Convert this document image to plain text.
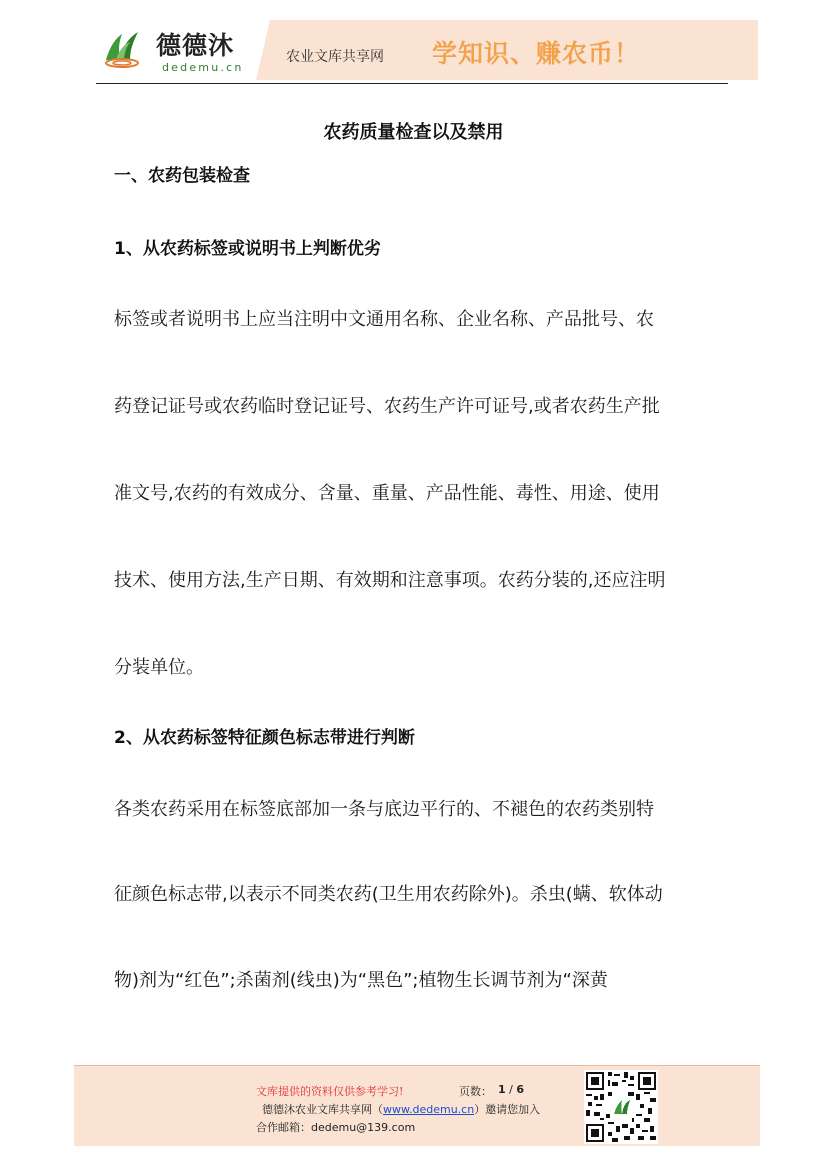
德德沐
dedemu.cn
农业文库共享网 学知识、赚农币！
农药质量检查以及禁用
一、农药包装检查
1、从农药标签或说明书上判断优劣
标签或者说明书上应当注明中文通用名称、企业名称、产品批号、农
药登记证号或农药临时登记证号、农药生产许可证号,或者农药生产批
准文号,农药的有效成分、含量、重量、产品性能、毒性、用途、使用
技术、使用方法,生产日期、有效期和注意事项。农药分装的,还应注明
分装单位。
2、从农药标签特征颜色标志带进行判断
各类农药采用在标签底部加一条与底边平行的、不褪色的农药类别特
征颜色标志带,以表示不同类农药(卫生用农药除外)。杀虫(螨、软体动
物)剂为“红色”;杀菌剂(线虫)为“黑色”;植物生长调节剂为“深黄
文库提供的资料仅供参考学习!	页数： 1 / 6
德德沐农业文库共享网（www.dedemu.cn）邀请您加入
合作邮箱：dedemu@139.com
